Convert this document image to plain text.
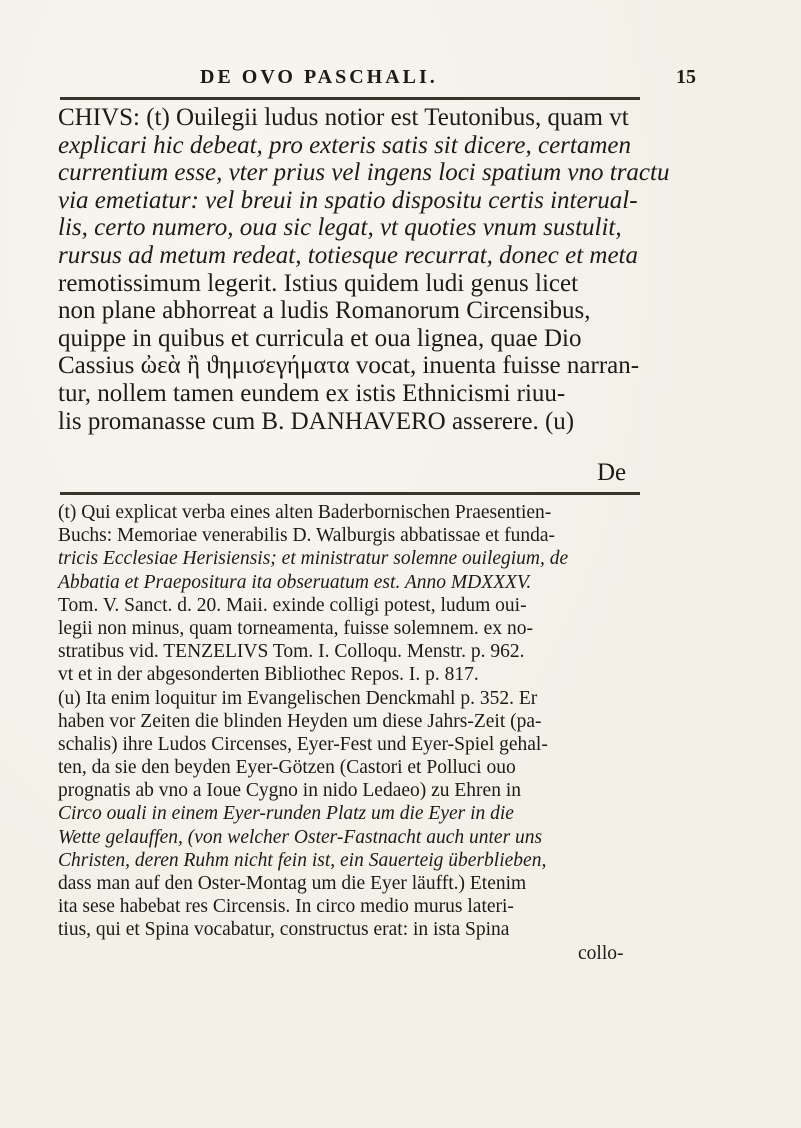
DE OVO PASCHALI.	15
CHIVS: (t) Ouilegii ludus notior est Teutonibus, quam vt
explicari hic debeat, pro exteris satis sit dicere, certamen
currentium esse, vter prius vel ingens loci spatium vno tractu
via emetiatur: vel breui in spatio dispositu certis interual-
lis, certo numero, oua sic legat, vt quoties vnum sustulit,
rursus ad metum redeat, totiesque recurrat, donec et meta
remotissimum legerit. Istius quidem ludi genus licet
non plane abhorreat a ludis Romanorum Circensibus,
quippe in quibus et curricula et oua lignea, quae Dio
Cassius ὠεὰ ἢ ϑημισεγήματα vocat, inuenta fuisse narran-
tur, nollem tamen eundem ex istis Ethnicismi riuu-
lis promanasse cum B. DANHAVERO asserere. (u)
De
(t) Qui explicat verba eines alten Baderbornischen Praesentien-
Buchs: Memoriae venerabilis D. Walburgis abbatissae et funda-
tricis Ecclesiae Herisiensis; et ministratur solemne ouilegium, de
Abbatia et Praepositura ita obseruatum est. Anno MDXXXV.
Tom. V. Sanct. d. 20. Maii. exinde colligi potest, ludum oui-
legii non minus, quam torneamenta, fuisse solemnem. ex no-
stratibus vid. TENZELIVS Tom. I. Colloqu. Menstr. p. 962.
vt et in der abgesonderten Bibliothec Repos. I. p. 817.
(u) Ita enim loquitur im Evangelischen Denckmahl p. 352. Er
haben vor Zeiten die blinden Heyden um diese Jahrs-Zeit (pa-
schalis) ihre Ludos Circenses, Eyer-Fest und Eyer-Spiel gehal-
ten, da sie den beyden Eyer-Götzen (Castori et Polluci ouo
prognatis ab vno a Ioue Cygno in nido Ledaeo) zu Ehren in
Circo ouali in einem Eyer-runden Platz um die Eyer in die
Wette gelauffen, (von welcher Oster-Fastnacht auch unter uns
Christen, deren Ruhm nicht fein ist, ein Sauerteig überblieben,
dass man auf den Oster-Montag um die Eyer läufft.) Etenim
ita sese habebat res Circensis. In circo medio murus lateri-
tius, qui et Spina vocabatur, constructus erat: in ista Spina
collo-
